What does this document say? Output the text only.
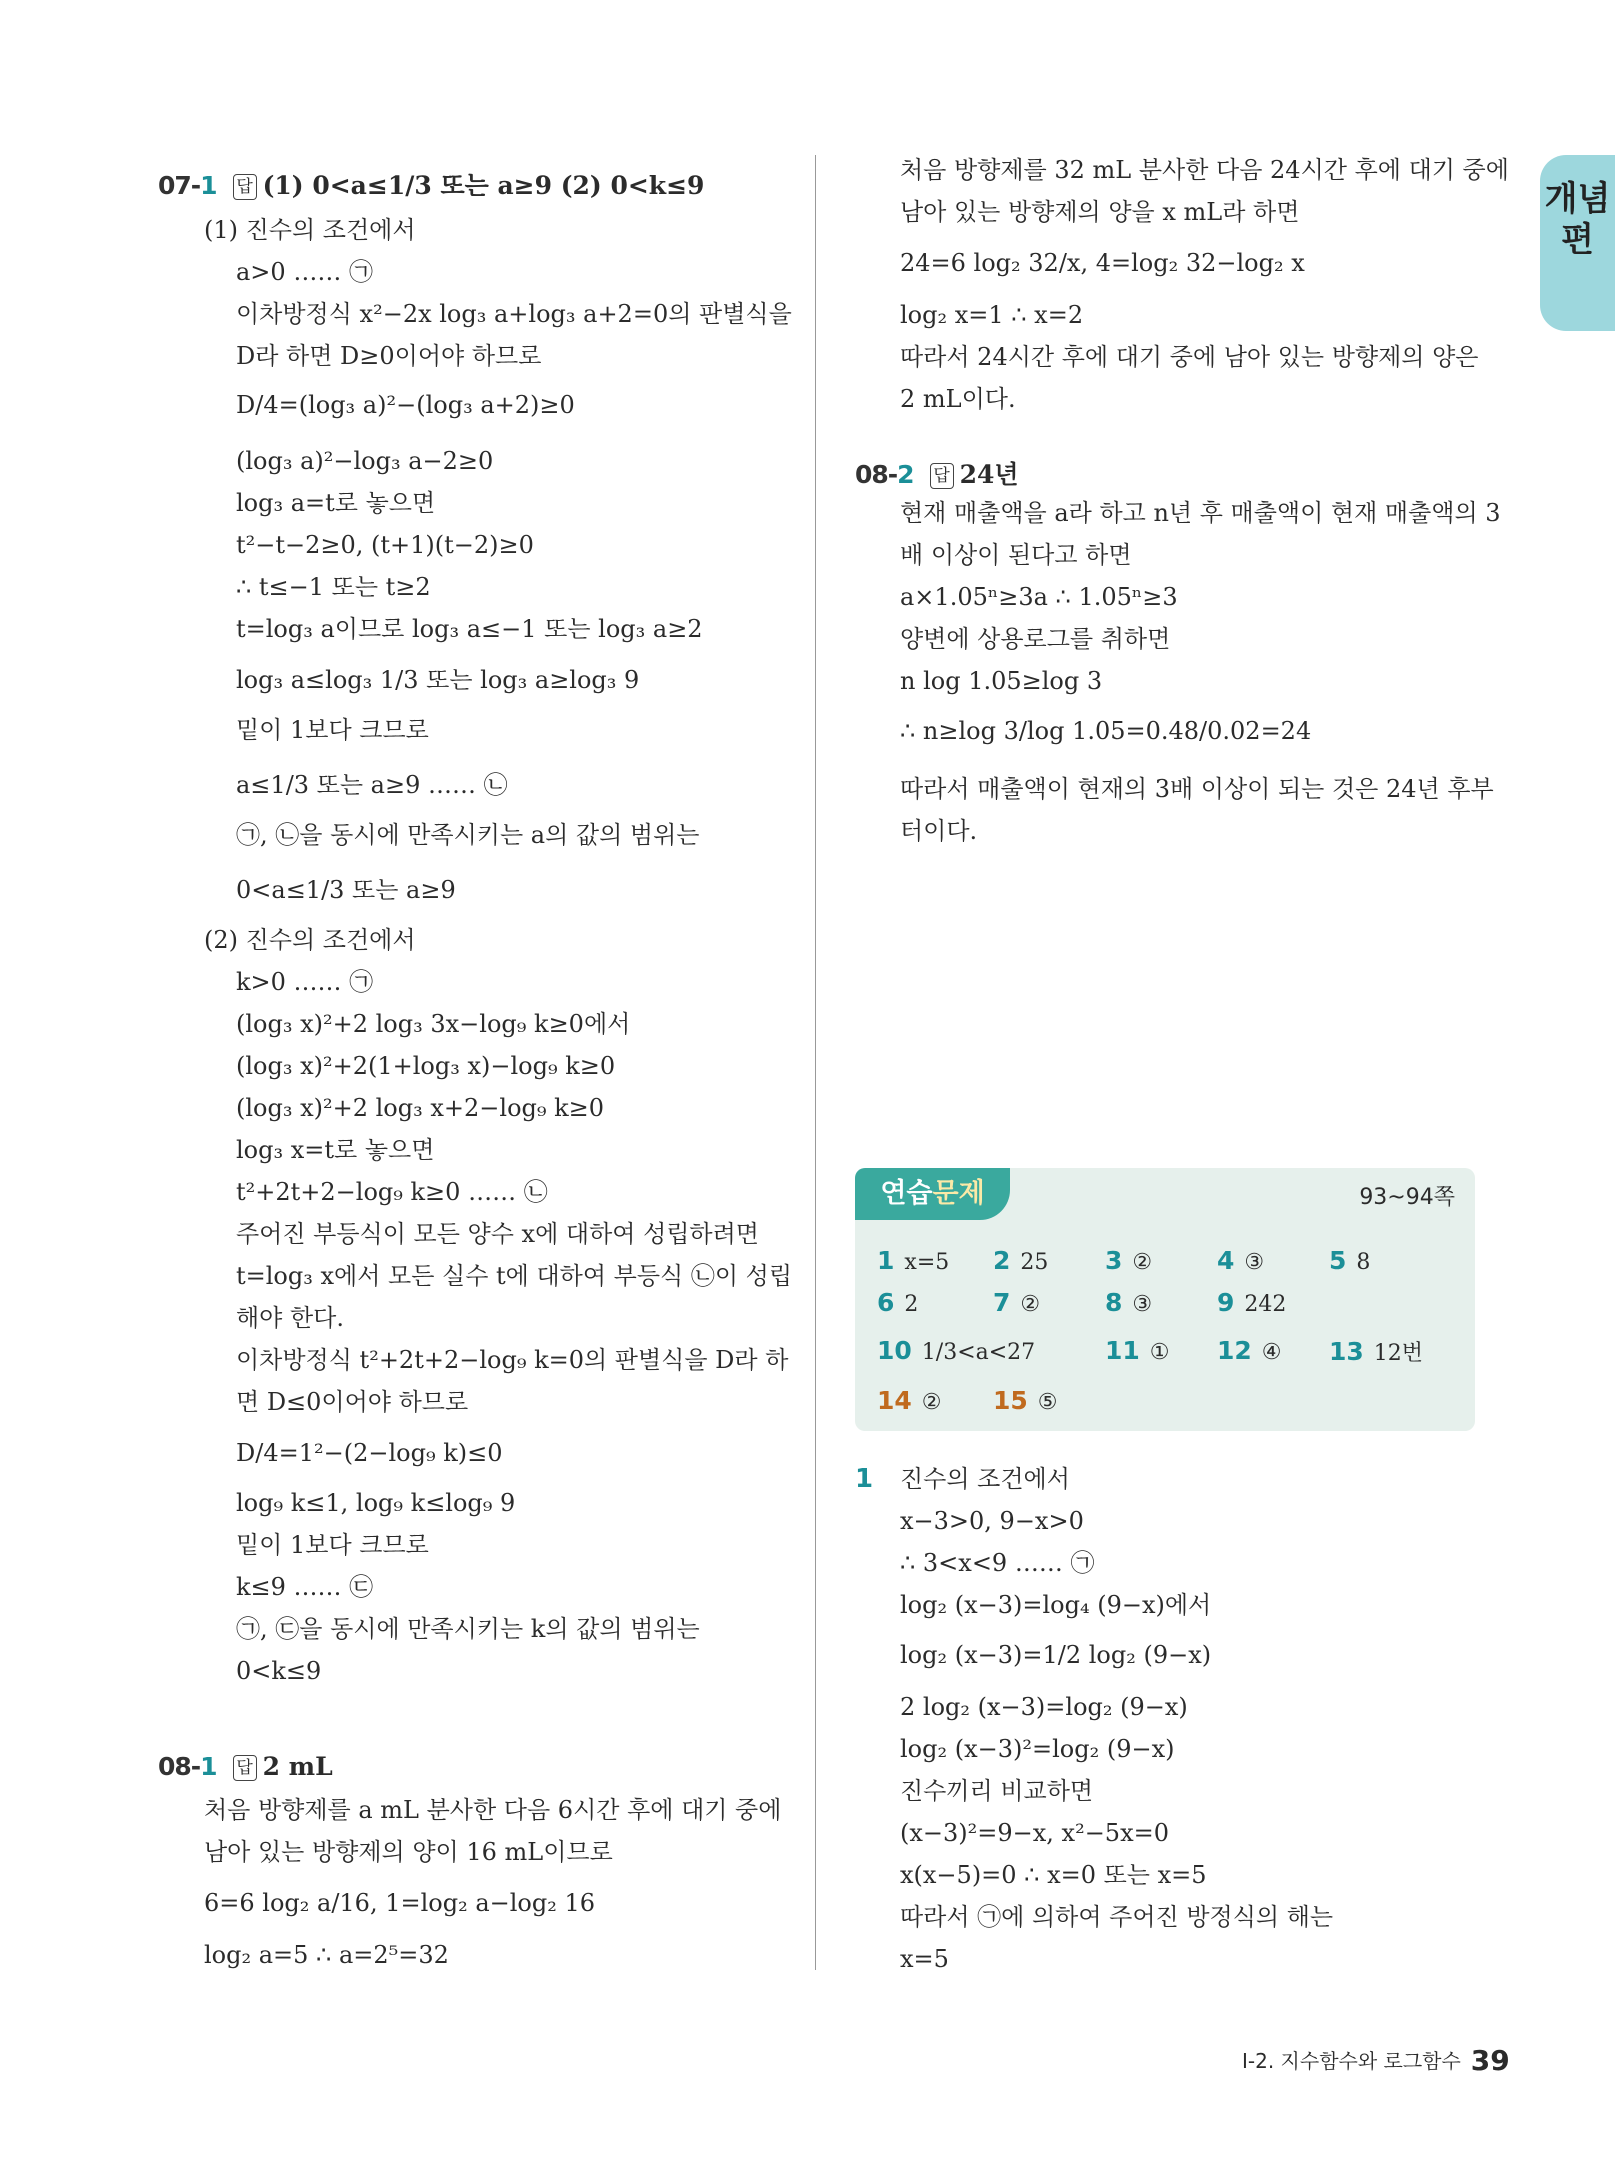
개념편
07-1 답 (1) 0<a≤1/3 또는 a≥9 (2) 0<k≤9
(1) 진수의 조건에서
a>0 …… ㉠
이차방정식 x²−2x log₃ a+log₃ a+2=0의 판별식을
D라 하면 D≥0이어야 하므로
D/4=(log₃ a)²−(log₃ a+2)≥0
(log₃ a)²−log₃ a−2≥0
log₃ a=t로 놓으면
t²−t−2≥0, (t+1)(t−2)≥0
∴ t≤−1 또는 t≥2
t=log₃ a이므로 log₃ a≤−1 또는 log₃ a≥2
log₃ a≤log₃ 1/3 또는 log₃ a≥log₃ 9
밑이 1보다 크므로
a≤1/3 또는 a≥9 …… ㉡
㉠, ㉡을 동시에 만족시키는 a의 값의 범위는
0<a≤1/3 또는 a≥9
(2) 진수의 조건에서
k>0 …… ㉠
(log₃ x)²+2 log₃ 3x−log₉ k≥0에서
(log₃ x)²+2(1+log₃ x)−log₉ k≥0
(log₃ x)²+2 log₃ x+2−log₉ k≥0
log₃ x=t로 놓으면
t²+2t+2−log₉ k≥0 …… ㉡
주어진 부등식이 모든 양수 x에 대하여 성립하려면
t=log₃ x에서 모든 실수 t에 대하여 부등식 ㉡이 성립
해야 한다.
이차방정식 t²+2t+2−log₉ k=0의 판별식을 D라 하
면 D≤0이어야 하므로
D/4=1²−(2−log₉ k)≤0
log₉ k≤1, log₉ k≤log₉ 9
밑이 1보다 크므로
k≤9 …… ㉢
㉠, ㉢을 동시에 만족시키는 k의 값의 범위는
0<k≤9
08-1 답 2 mL
처음 방향제를 a mL 분사한 다음 6시간 후에 대기 중에
남아 있는 방향제의 양이 16 mL이므로
6=6 log₂ a/16, 1=log₂ a−log₂ 16
log₂ a=5 ∴ a=2⁵=32
처음 방향제를 32 mL 분사한 다음 24시간 후에 대기 중에
남아 있는 방향제의 양을 x mL라 하면
24=6 log₂ 32/x, 4=log₂ 32−log₂ x
log₂ x=1 ∴ x=2
따라서 24시간 후에 대기 중에 남아 있는 방향제의 양은
2 mL이다.
08-2 답 24년
현재 매출액을 a라 하고 n년 후 매출액이 현재 매출액의 3
배 이상이 된다고 하면
a×1.05ⁿ≥3a ∴ 1.05ⁿ≥3
양변에 상용로그를 취하면
n log 1.05≥log 3
∴ n≥log 3/log 1.05=0.48/0.02=24
따라서 매출액이 현재의 3배 이상이 되는 것은 24년 후부
터이다.
연습문제	93~94쪽
1 x=5 2 25 3 ②	4 ③	5 8
6 2	7 ②	8 ③	9 242
10 1/3<a<27	11 ① 12 ④ 13 12번
14 ② 15 ⑤
1 진수의 조건에서
x−3>0, 9−x>0
∴ 3<x<9 …… ㉠
log₂ (x−3)=log₄ (9−x)에서
log₂ (x−3)=1/2 log₂ (9−x)
2 log₂ (x−3)=log₂ (9−x)
log₂ (x−3)²=log₂ (9−x)
진수끼리 비교하면
(x−3)²=9−x, x²−5x=0
x(x−5)=0 ∴ x=0 또는 x=5
따라서 ㉠에 의하여 주어진 방정식의 해는
x=5
Ⅰ-2. 지수함수와 로그함수 39
